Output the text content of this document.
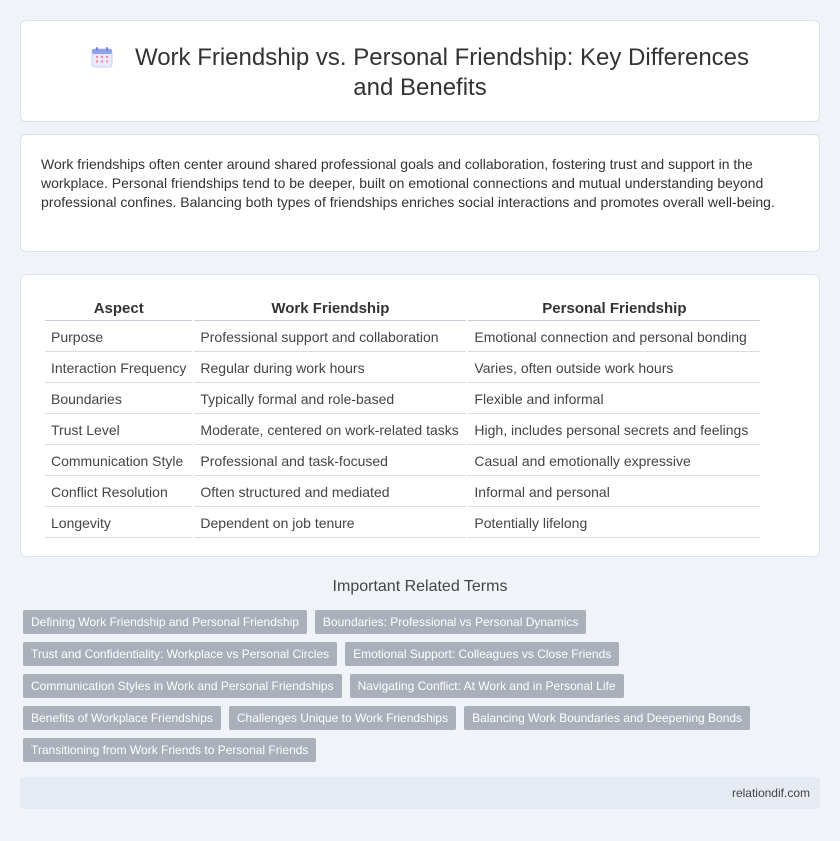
Work Friendship vs. Personal Friendship: Key Differences and Benefits

Work friendships often center around shared professional goals and collaboration, fostering trust and support in the workplace. Personal friendships tend to be deeper, built on emotional connections and mutual understanding beyond professional confines. Balancing both types of friendships enriches social interactions and promotes overall well-being.

Aspect	Work Friendship	Personal Friendship
Purpose	Professional support and collaboration	Emotional connection and personal bonding
Interaction Frequency	Regular during work hours	Varies, often outside work hours
Boundaries	Typically formal and role-based	Flexible and informal
Trust Level	Moderate, centered on work-related tasks	High, includes personal secrets and feelings
Communication Style	Professional and task-focused	Casual and emotionally expressive
Conflict Resolution	Often structured and mediated	Informal and personal
Longevity	Dependent on job tenure	Potentially lifelong
Important Related Terms
Defining Work Friendship and Personal Friendship	Boundaries: Professional vs Personal Dynamics
Trust and Confidentiality: Workplace vs Personal Circles	Emotional Support: Colleagues vs Close Friends
Communication Styles in Work and Personal Friendships	Navigating Conflict: At Work and in Personal Life
Benefits of Workplace Friendships	Challenges Unique to Work Friendships	Balancing Work Boundaries and Deepening Bonds
Transitioning from Work Friends to Personal Friends
relationdif.com
